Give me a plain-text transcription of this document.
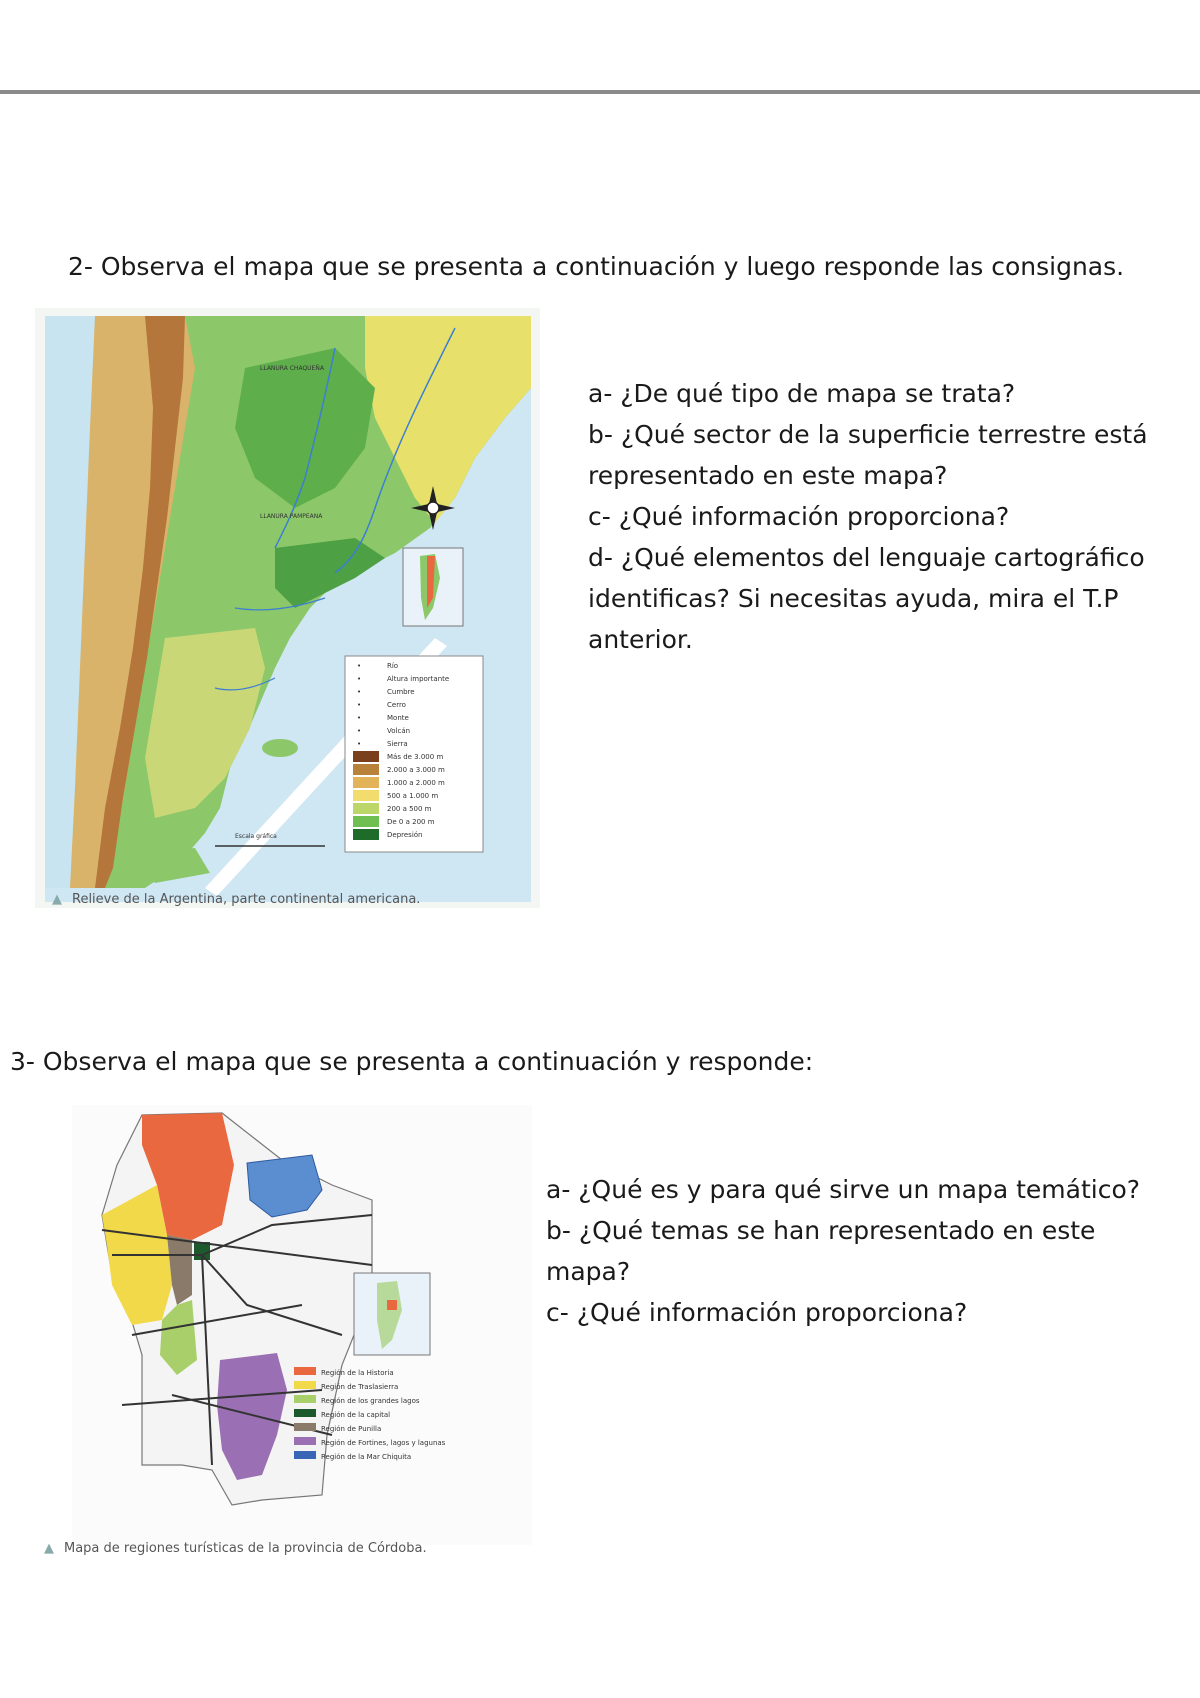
2- Observa el mapa que se presenta a continuación y luego responde las consignas.
LLANURA CHAQUEÑA
LLANURA PAMPEANA
•	Río
•	Altura importante
•	Cumbre
•	Cerro
•	Monte
•	Volcán
•	Sierra
Más de 3.000 m
2.000 a 3.000 m
1.000 a 2.000 m
500 a 1.000 m
200 a 500 m
De 0 a 200 m
Depresión
Escala gráfica
▲ Relieve de la Argentina, parte continental americana.
a- ¿De qué tipo de mapa se trata?
b- ¿Qué sector de la superficie terrestre está
representado en este mapa?
c- ¿Qué información proporciona?
d- ¿Qué elementos del lenguaje cartográfico
identificas? Si necesitas ayuda, mira el T.P
anterior.
3- Observa el mapa que se presenta a continuación y responde:
Región de la Historia
Región de Traslasierra
Región de los grandes lagos
Región de la capital
Región de Punilla
Región de Fortines, lagos y lagunas
Región de la Mar Chiquita
▲ Mapa de regiones turísticas de la provincia de Córdoba.
a- ¿Qué es y para qué sirve un mapa temático?
b- ¿Qué temas se han representado en este
mapa?
c- ¿Qué información proporciona?
